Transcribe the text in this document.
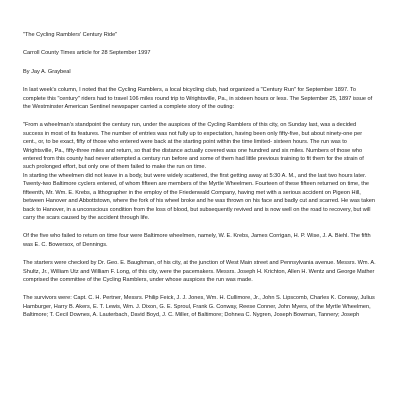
"The Cycling Ramblers' Century Ride"

Carroll County Times article for 28 September 1997

By Jay A. Graybeal

In last week's column, I noted that the Cycling Ramblers, a local bicycling club, had organized a "Century Run" for September 1897. To complete this "century" riders had to travel 106 miles round trip to Wrightsville, Pa., in sixteen hours or less. The September 25, 1897 issue of the Westminster American Sentinel newspaper carried a complete story of the outing:

"From a wheelman's standpoint the century run, under the auspices of the Cycling Ramblers of this city, on Sunday last, was a decided success in most of its features. The number of entries was not fully up to expectation, having been only fifty-five, but about ninety-one per cent., or, to be exact, fifty of those who entered were back at the starting point within the time limited- sixteen hours. The run was to Wrightsville, Pa., fifty-three miles and return, so that the distance actually covered was one hundred and six miles. Numbers of those who entered from this county had never attempted a century run before and some of them had little previous training to fit them for the strain of such prolonged effort, but only one of them failed to make the run on time.

In starting the wheelmen did not leave in a body, but were widely scattered, the first getting away at 5:30 A. M., and the last two hours later. Twenty-two Baltimore cyclers entered, of whom fifteen are members of the Myrtle Wheelmen. Fourteen of these fifteen returned on time, the fifteenth, Mr. Wm. E. Krebs, a lithographer in the employ of the Friedenwald Company, having met with a serious accident on Pigeon Hill, between Hanover and Abbottstown, where the fork of his wheel broke and he was thrown on his face and badly cut and scarred. He was taken back to Hanover, in a unconscious condition from the loss of blood, but subsequently revived and is now well on the road to recovery, but will carry the scars caused by the accident through life.

Of the five who failed to return on time four were Baltimore wheelmen, namely, W. E. Krebs, James Corrigan, H. P. Wise, J. A. Biehl. The fifth was E. C. Bowersox, of Dennings.

The starters were checked by Dr. Geo. E. Baughman, of his city, at the junction of West Main street and Pennsylvania avenue. Messrs. Wm. A. Shultz, Jr., William Utz and William F. Long, of this city, were the pacemakers. Messrs. Joseph H. Krichton, Allen H. Wentz and George Mather comprised the committee of the Cycling Ramblers, under whose auspices the run was made.

The survivors were: Capt. C. H. Pertner, Messrs. Philip Feick, J. J. Jones, Wm. H. Cullimore, Jr., John S. Lipscomb, Charles K. Conway, Julius Hamburger, Harry B. Akers, E. T. Lewis, Wm. J. Dixon, G. E. Sproul, Frank G. Conway, Reese Conner, John Myers, of the Myrtle Wheelmen, Baltimore; T. Cecil Downes, A. Lauterbach, David Boyd, J. C. Miller, of Baltimore; Dohnea C. Nygren, Joseph Bowman, Tannery; Joseph
